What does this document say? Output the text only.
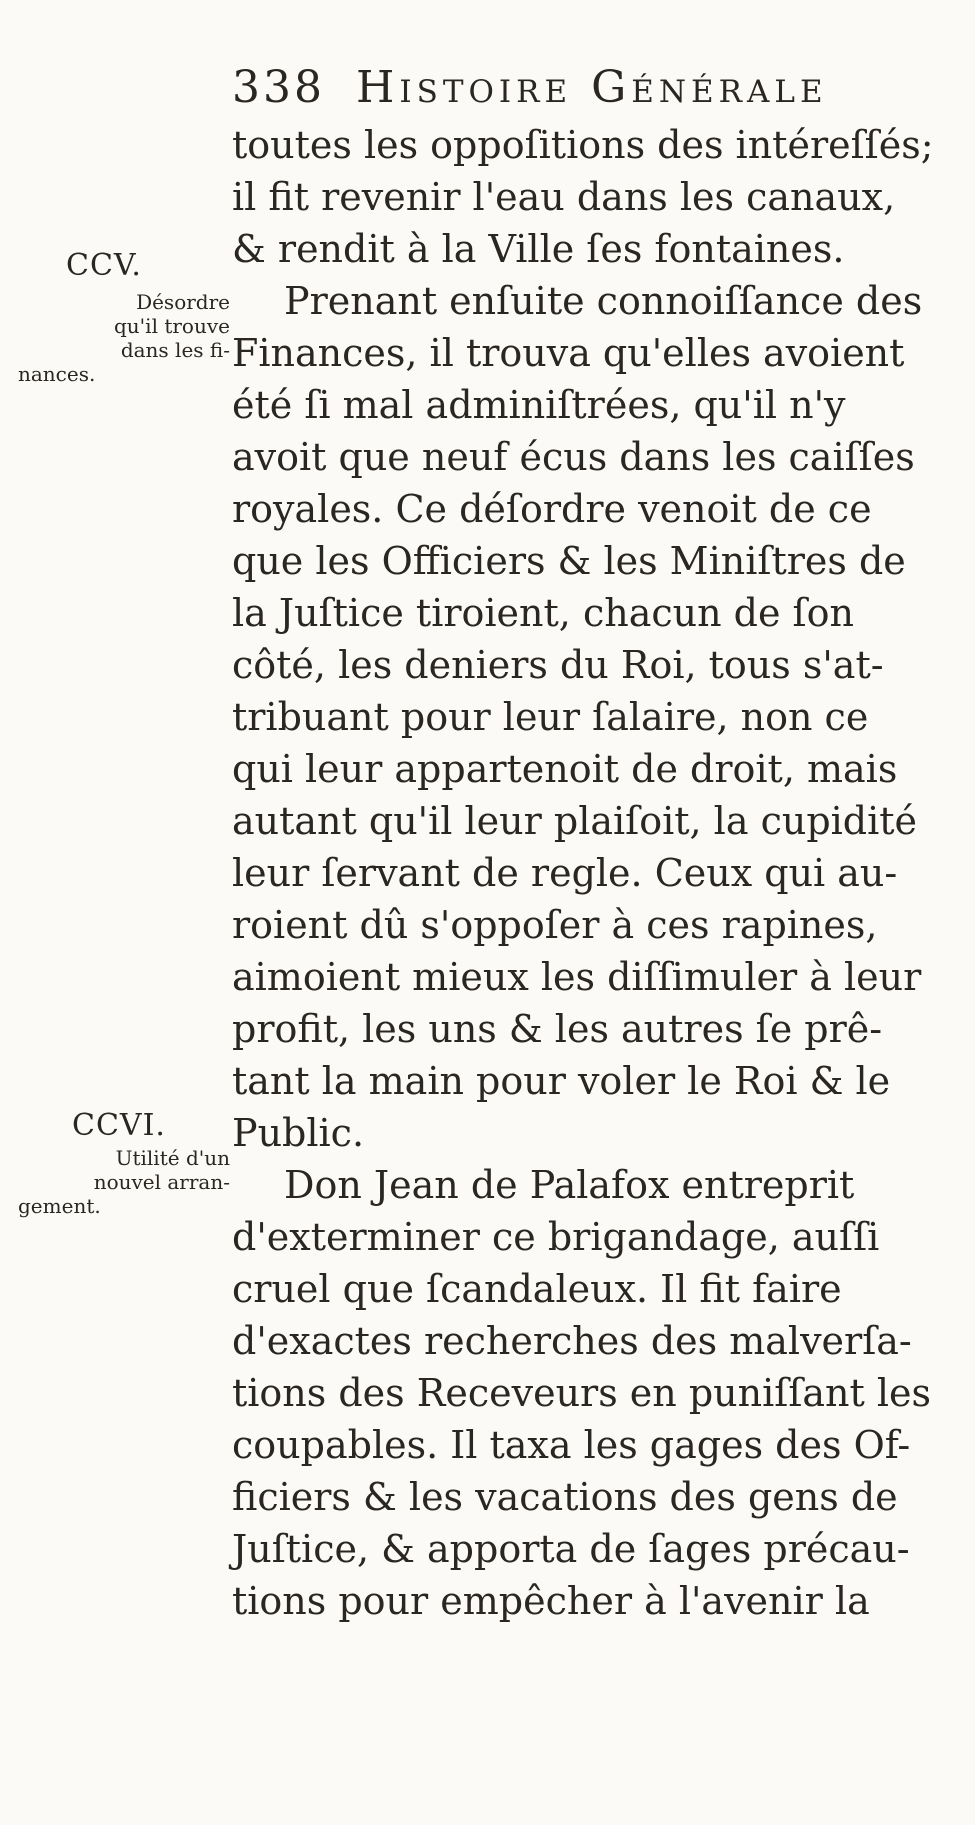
338 Histoire Générale
CCV.
Désordre
qu'il trouve
dans les fi-
nances.
CCVI.
Utilité d'un
nouvel arran-
gement.
toutes les oppoſitions des intéreſſés;
il fit revenir l'eau dans les canaux,
& rendit à la Ville ſes fontaines.
Prenant enſuite connoiſſance des
Finances, il trouva qu'elles avoient
été ſi mal adminiſtrées, qu'il n'y
avoit que neuf écus dans les caiſſes
royales. Ce déſordre venoit de ce
que les Officiers & les Miniſtres de
la Juſtice tiroient, chacun de ſon
côté, les deniers du Roi, tous s'at-
tribuant pour leur ſalaire, non ce
qui leur appartenoit de droit, mais
autant qu'il leur plaiſoit, la cupidité
leur ſervant de regle. Ceux qui au-
roient dû s'oppoſer à ces rapines,
aimoient mieux les diſſimuler à leur
profit, les uns & les autres ſe prê-
tant la main pour voler le Roi & le
Public.
Don Jean de Palafox entreprit
d'exterminer ce brigandage, auſſi
cruel que ſcandaleux. Il fit faire
d'exactes recherches des malverſa-
tions des Receveurs en puniſſant les
coupables. Il taxa les gages des Of-
ficiers & les vacations des gens de
Juſtice, & apporta de ſages précau-
tions pour empêcher à l'avenir la
